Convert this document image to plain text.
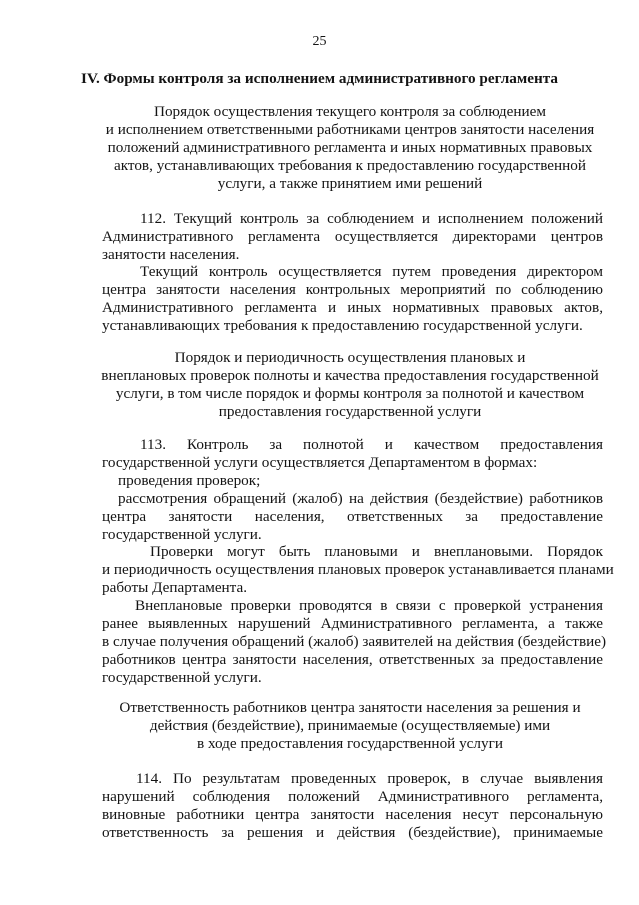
25
IV. Формы контроля за исполнением административного регламента
Порядок осуществления текущего контроля за соблюдением
и исполнением ответственными работниками центров занятости населения
положений административного регламента и иных нормативных правовых
актов, устанавливающих требования к предоставлению государственной
услуги, а также принятием ими решений
112. Текущий контроль за соблюдением и исполнением положений
Административного регламента осуществляется директорами центров
занятости населения.
Текущий контроль осуществляется путем проведения директором
центра занятости населения контрольных мероприятий по соблюдению
Административного регламента и иных нормативных правовых актов,
устанавливающих требования к предоставлению государственной услуги.
Порядок и периодичность осуществления плановых и
внеплановых проверок полноты и качества предоставления государственной
услуги, в том числе порядок и формы контроля за полнотой и качеством
предоставления государственной услуги
113. Контроль за полнотой и качеством предоставления
государственной услуги осуществляется Департаментом в формах:
проведения проверок;
рассмотрения обращений (жалоб) на действия (бездействие) работников
центра занятости населения, ответственных за предоставление
государственной услуги.
Проверки могут быть плановыми и внеплановыми. Порядок
и периодичность осуществления плановых проверок устанавливается планами
работы Департамента.
Внеплановые проверки проводятся в связи с проверкой устранения
ранее выявленных нарушений Административного регламента, а также
в случае получения обращений (жалоб) заявителей на действия (бездействие)
работников центра занятости населения, ответственных за предоставление
государственной услуги.
Ответственность работников центра занятости населения за решения и
действия (бездействие), принимаемые (осуществляемые) ими
в ходе предоставления государственной услуги
114. По результатам проведенных проверок, в случае выявления
нарушений соблюдения положений Административного регламента,
виновные работники центра занятости населения несут персональную
ответственность за решения и действия (бездействие), принимаемые
